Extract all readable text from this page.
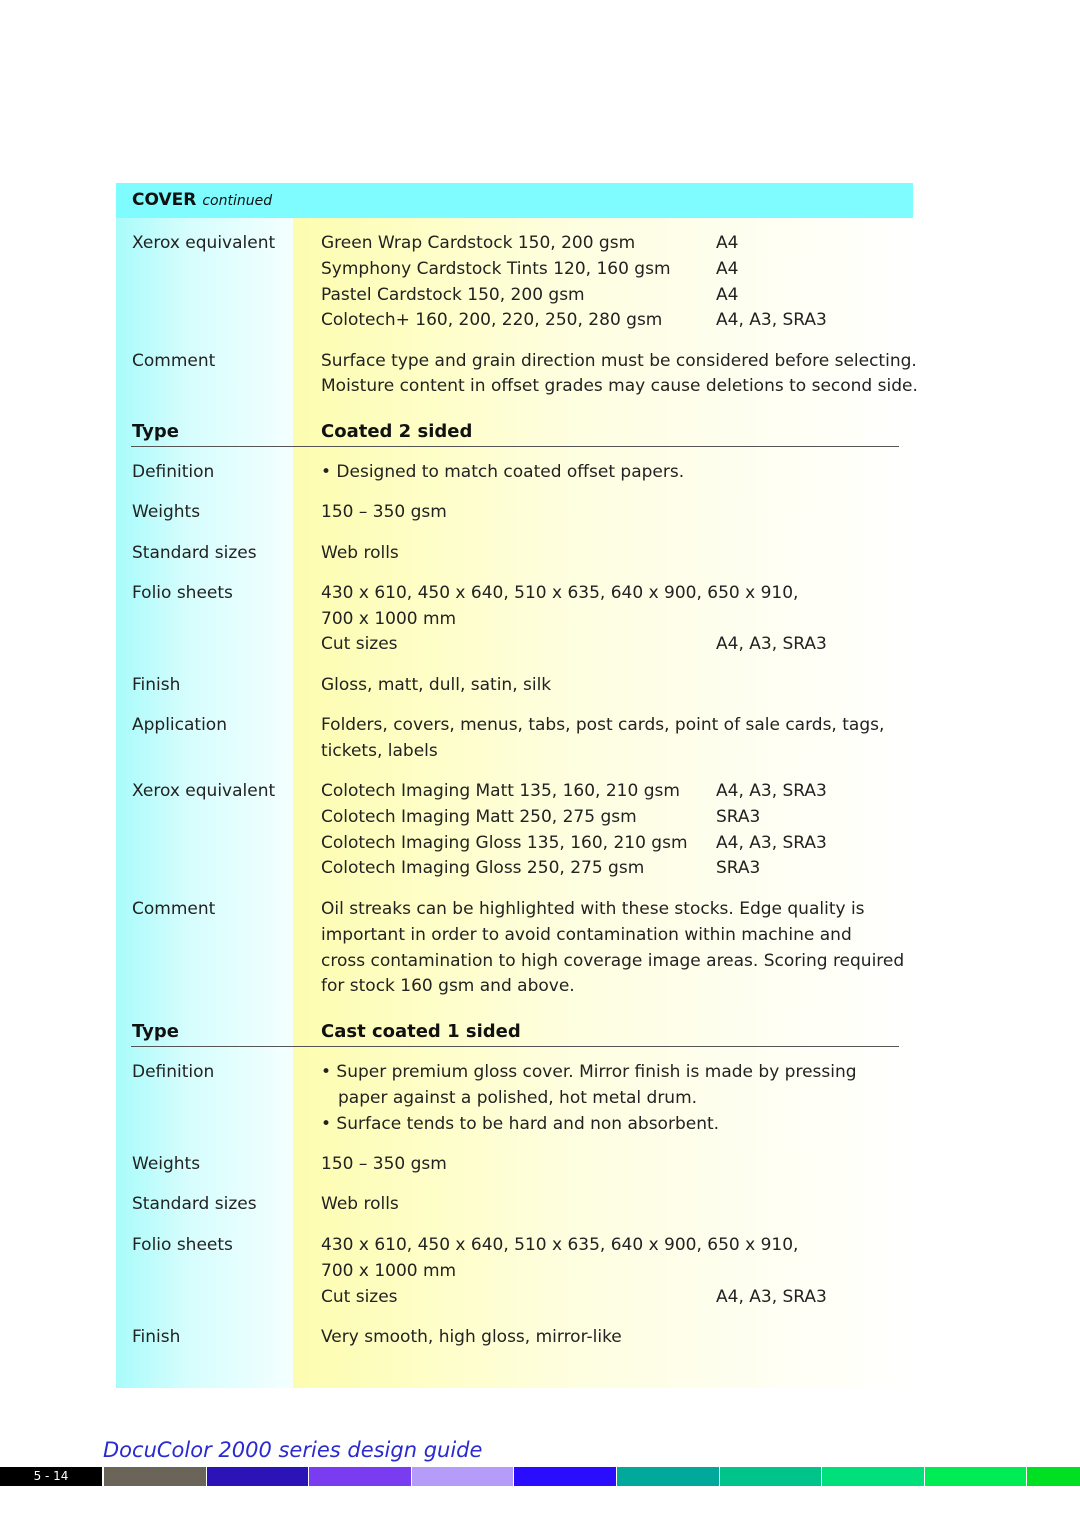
COVER continued
Xerox equivalent	Green Wrap Cardstock 150, 200 gsm	A4
Symphony Cardstock Tints 120, 160 gsm	A4
Pastel Cardstock 150, 200 gsm	A4
Colotech+ 160, 200, 220, 250, 280 gsm	A4, A3, SRA3
Comment	Surface type and grain direction must be considered before selecting.
Moisture content in offset grades may cause deletions to second side.
Type	Coated 2 sided
Definition	• Designed to match coated offset papers.
Weights	150 – 350 gsm
Standard sizes	Web rolls
Folio sheets	430 x 610, 450 x 640, 510 x 635, 640 x 900, 650 x 910,
700 x 1000 mm
Cut sizes	A4, A3, SRA3
Finish	Gloss, matt, dull, satin, silk
Application	Folders, covers, menus, tabs, post cards, point of sale cards, tags,
tickets, labels
Xerox equivalent	Colotech Imaging Matt 135, 160, 210 gsm A4, A3, SRA3
Colotech Imaging Matt 250, 275 gsm	SRA3
Colotech Imaging Gloss 135, 160, 210 gsm A4, A3, SRA3
Colotech Imaging Gloss 250, 275 gsm	SRA3
Comment	Oil streaks can be highlighted with these stocks. Edge quality is
important in order to avoid contamination within machine and
cross contamination to high coverage image areas. Scoring required
for stock 160 gsm and above.
Type	Cast coated 1 sided
Definition	• Super premium gloss cover. Mirror finish is made by pressing
paper against a polished, hot metal drum.
• Surface tends to be hard and non absorbent.
Weights	150 – 350 gsm
Standard sizes	Web rolls
Folio sheets	430 x 610, 450 x 640, 510 x 635, 640 x 900, 650 x 910,
700 x 1000 mm
Cut sizes	A4, A3, SRA3
Finish	Very smooth, high gloss, mirror-like
DocuColor 2000 series design guide
5 - 14
